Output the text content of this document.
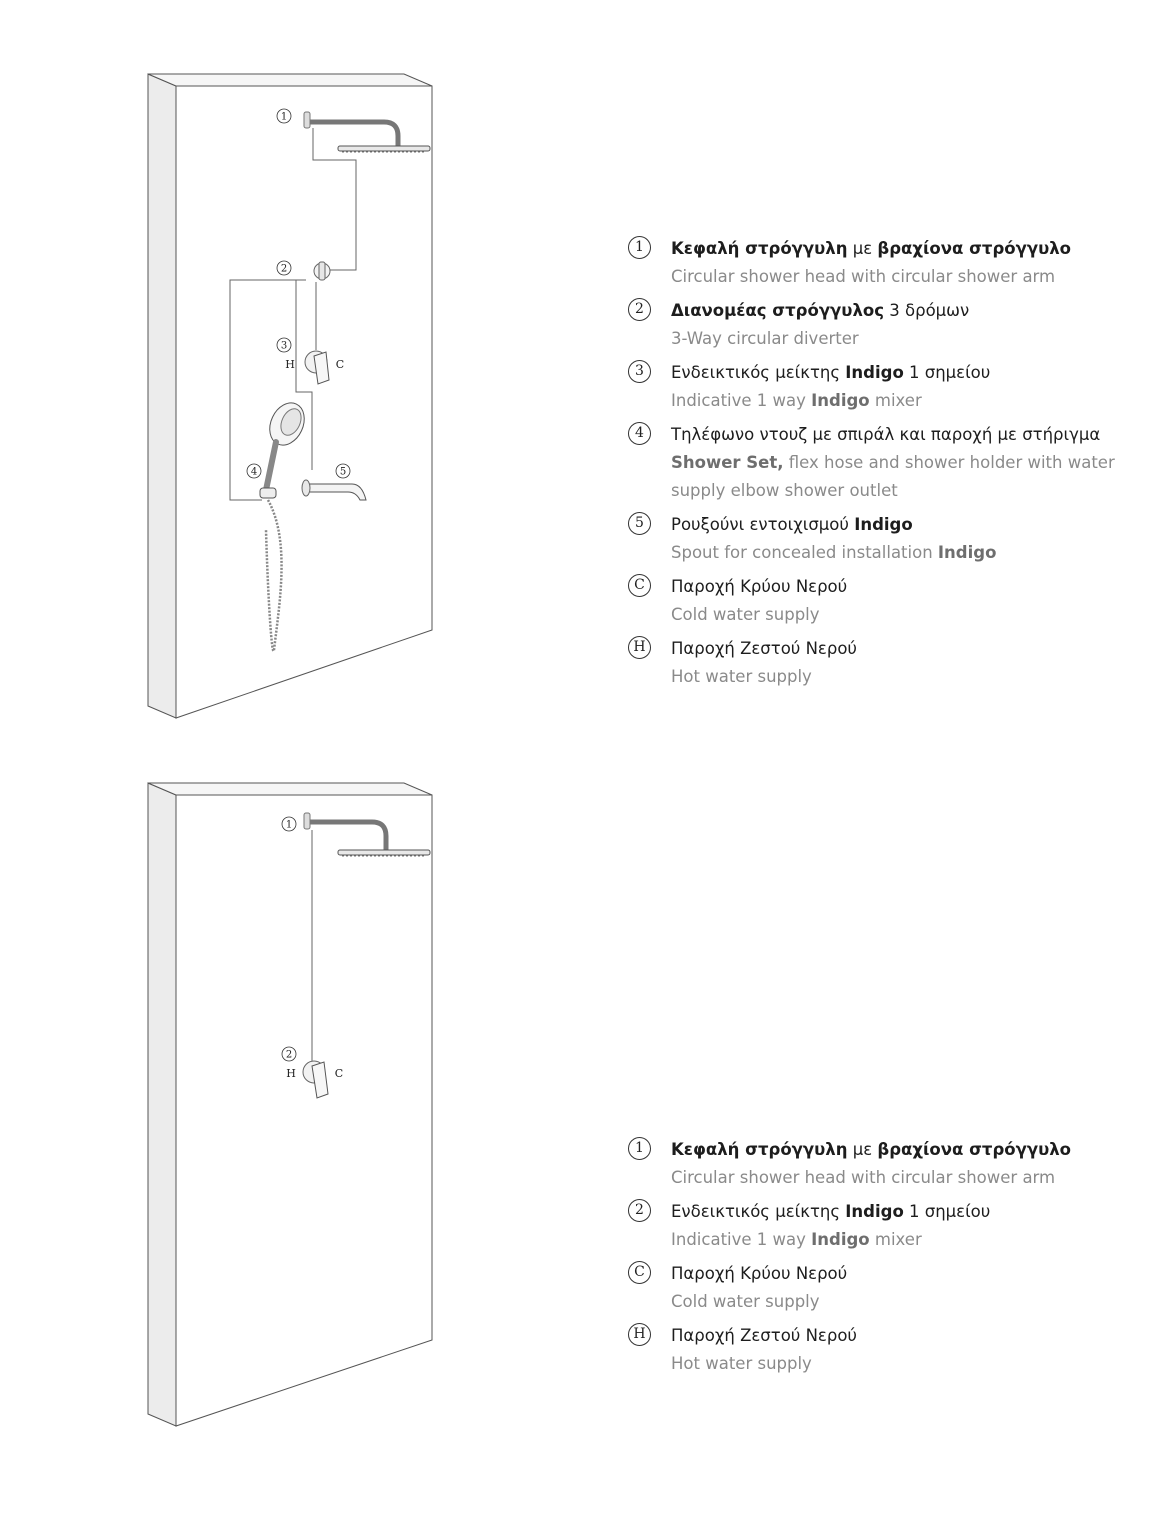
1
2
3
4	5
H	C
1	Κεφαλή στρόγγυλη με βραχίονα στρόγγυλο
Circular shower head with circular shower arm
2	Διανομέας στρόγγυλος 3 δρόμων
3-Way circular diverter
3	Ενδεικτικός μείκτης Indigo 1 σημείου
Indicative 1 way Indigo mixer
4	Τηλέφωνο ντουζ με σπιράλ και παροχή με στήριγμα
Shower Set, flex hose and shower holder with water
supply elbow shower outlet
5	Ρουξούνι εντοιχισμού Indigo
Spout for concealed installation Indigo
C	Παροχή Κρύου Νερού
Cold water supply
H	Παροχή Ζεστού Νερού
Hot water supply
1
2
H	C
1	Κεφαλή στρόγγυλη με βραχίονα στρόγγυλο
Circular shower head with circular shower arm
2	Ενδεικτικός μείκτης Indigo 1 σημείου
Indicative 1 way Indigo mixer
C	Παροχή Κρύου Νερού
Cold water supply
H	Παροχή Ζεστού Νερού
Hot water supply
